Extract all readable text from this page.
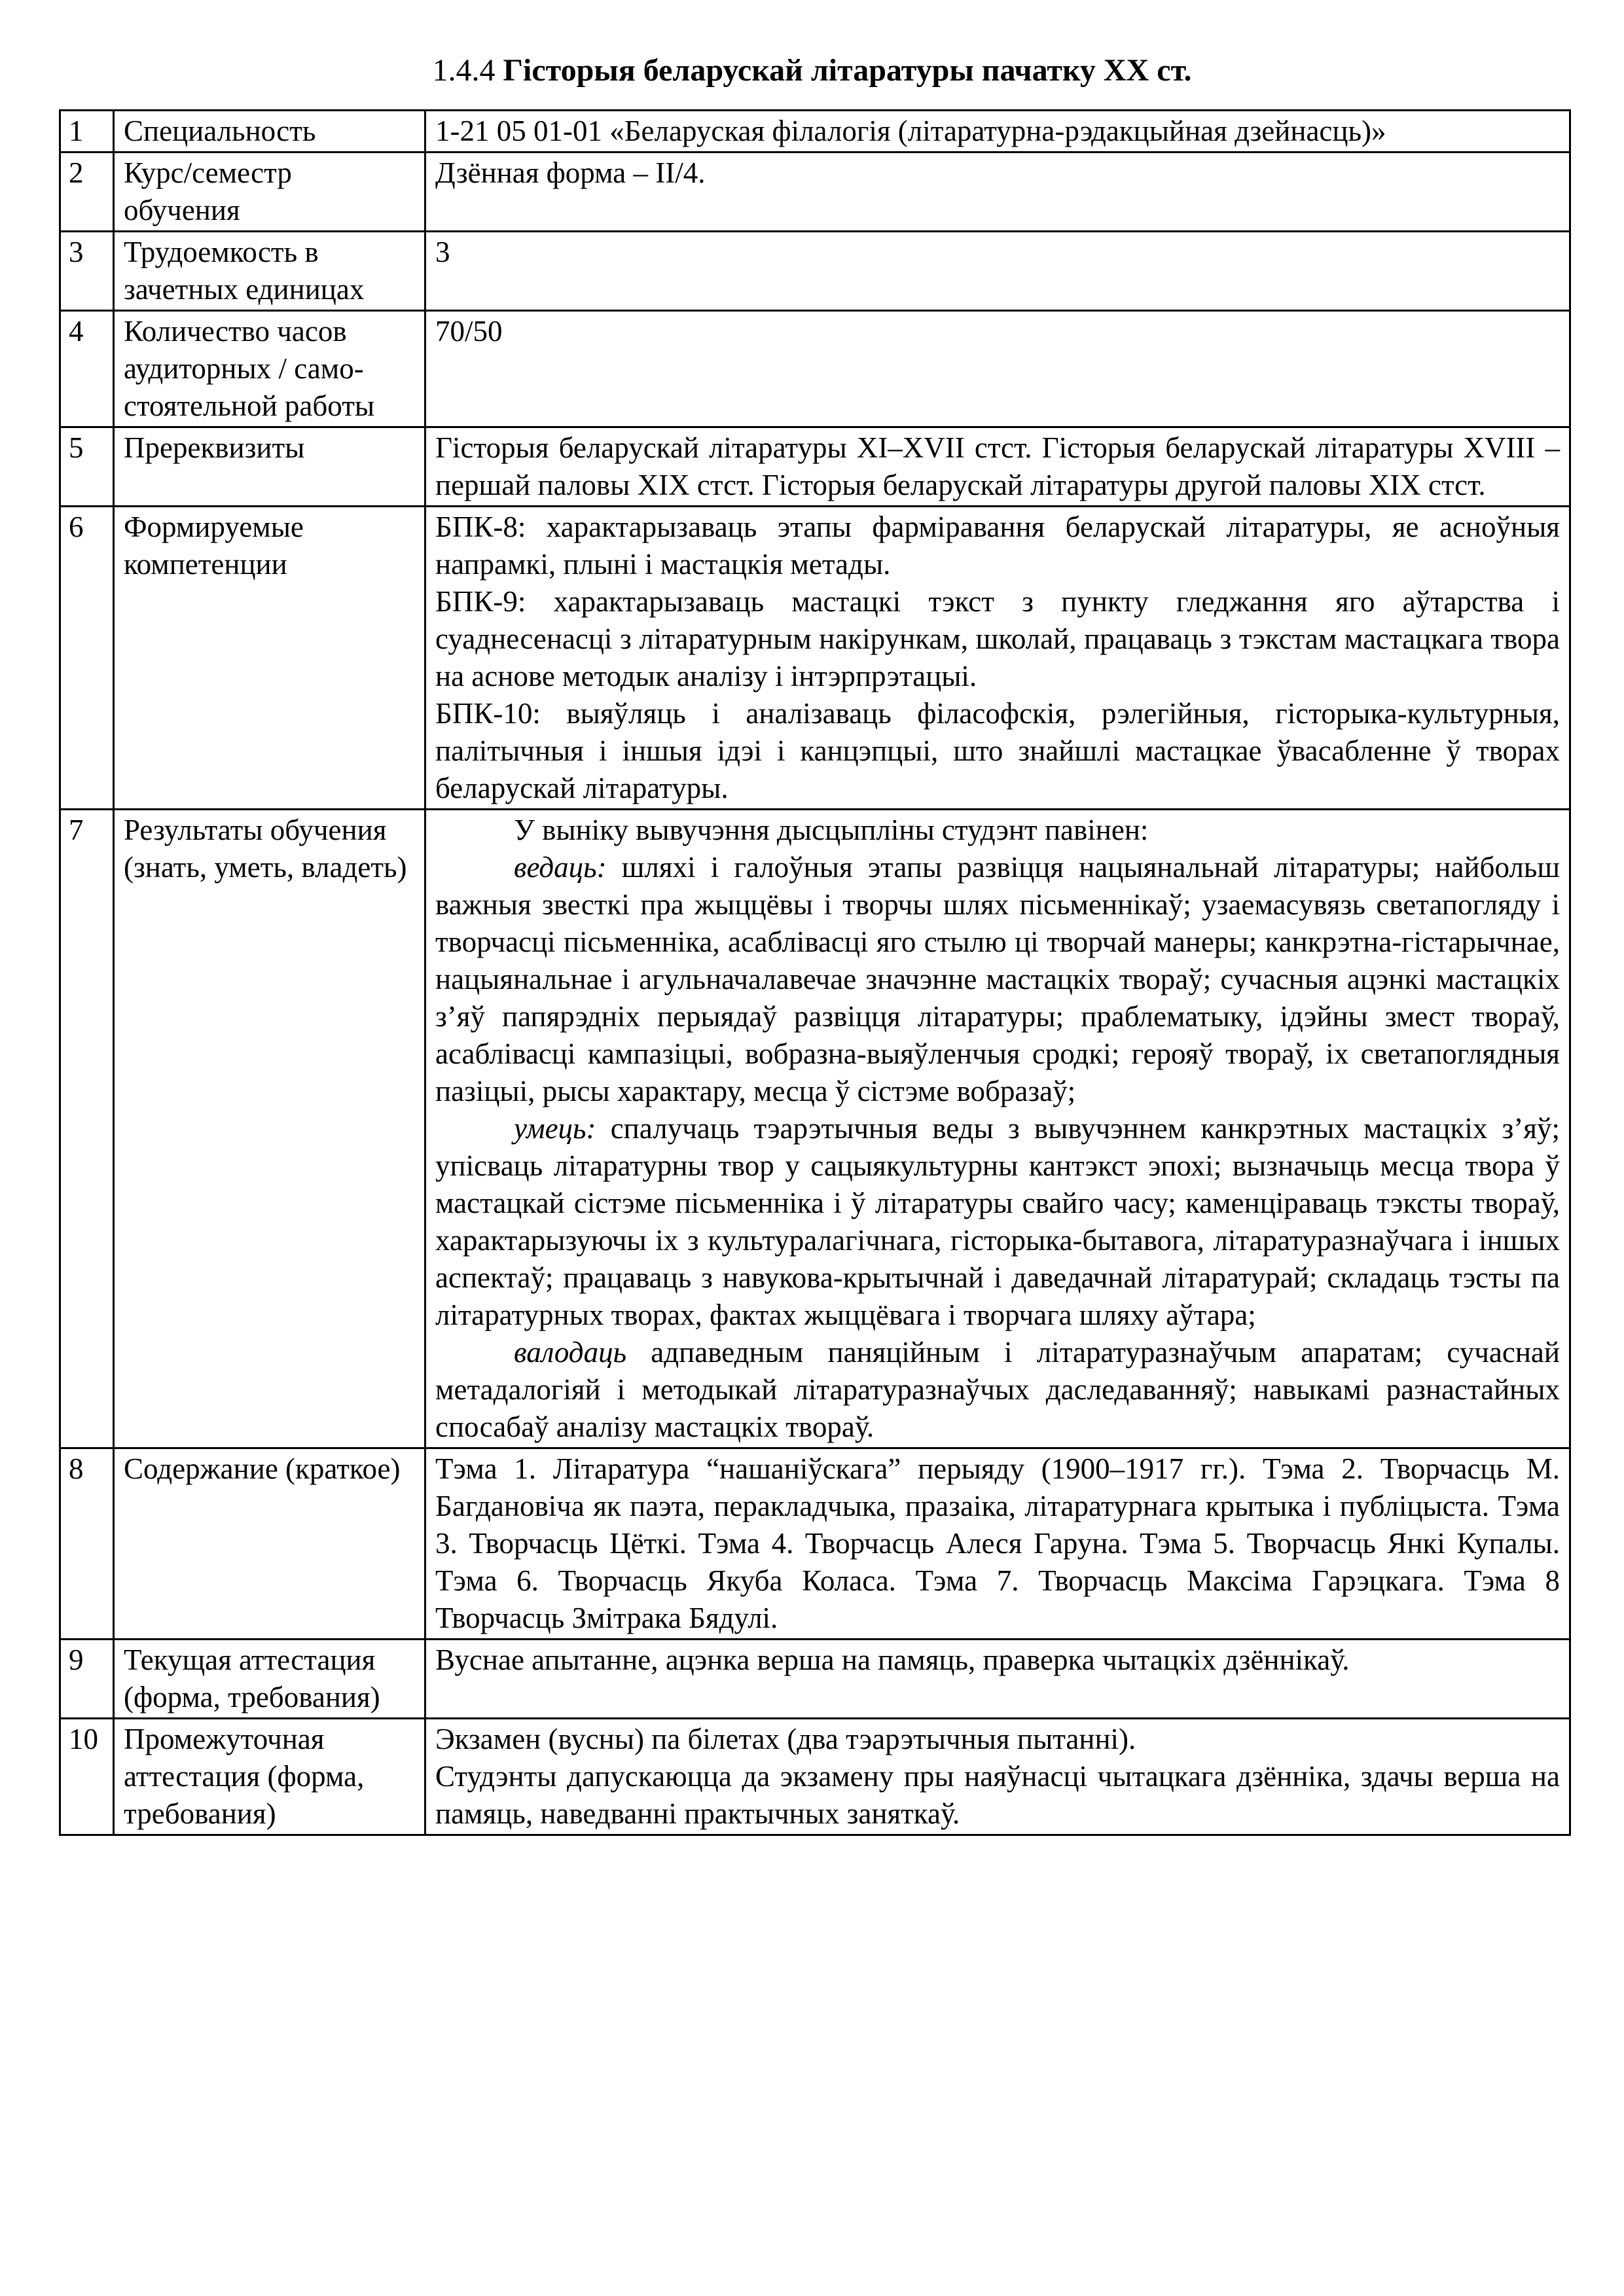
1.4.4 Гісторыя беларускай літаратуры пачатку XX ст.
1	Специальность	1-21 05 01-01 «Беларуская філалогія (літаратурна-рэдакцыйная дзейнасць)»
2	Курс/семестр обучения	Дзённая форма – ІІ/4.
3	Трудоемкость в зачетных единицах	3
4	Количество часов аудиторных / само-стоятельной работы	70/50
5	Пререквизиты	Гісторыя беларускай літаратуры XI–XVII стст. Гісторыя беларускай літаратуры XVIII – першай паловы XIX стст. Гісторыя беларускай літаратуры другой паловы XIX стст.
6	Формируемые компетенции	БПК-8: характарызаваць этапы фарміравання беларускай літаратуры, яе асноўныя напрамкі, плыні і мастацкія метады.
БПК-9: характарызаваць мастацкі тэкст з пункту гледжання яго аўтарства і суаднесенасці з літаратурным накірункам, школай, працаваць з тэкстам мастацкага твора на аснове методык аналізу і інтэрпрэтацыі.
БПК-10: выяўляць і аналізаваць філасофскія, рэлегійныя, гісторыка-культурныя, палітычныя і іншыя ідэі і канцэпцыі, што знайшлі мастацкае ўвасабленне ў творах беларускай літаратуры.

7	Результаты обучения (знать, уметь, владеть)	У выніку вывучэння дысцыпліны студэнт павінен:
ведаць: шляхі і галоўныя этапы развіцця нацыянальнай літаратуры; найбольш важныя звесткі пра жыццёвы і творчы шлях пісьменнікаў; узаемасувязь светапогляду і творчасці пісьменніка, асаблівасці яго стылю ці творчай манеры; канкрэтна-гістарычнае, нацыянальнае і агульначалавечае значэнне мастацкіх твораў; сучасныя ацэнкі мастацкіх з’яў папярэдніх перыядаў развіцця літаратуры; праблематыку, ідэйны змест твораў, асаблівасці кампазіцыі, вобразна-выяўленчыя сродкі; герояў твораў, іх светапоглядныя пазіцыі, рысы характару, месца ў сістэме вобразаў;
умець: спалучаць тэарэтычныя веды з вывучэннем канкрэтных мастацкіх з’яў; упісваць літаратурны твор у сацыякультурны кантэкст эпохі; вызначыць месца твора ў мастацкай сістэме пісьменніка і ў літаратуры свайго часу; каменціраваць тэксты твораў, характарызуючы іх з культуралагічнага, гісторыка-бытавога, літаратуразнаўчага і іншых аспектаў; працаваць з навукова-крытычнай і даведачнай літаратурай; складаць тэсты па літаратурных творах, фактах жыццёвага і творчага шляху аўтара;
валодаць адпаведным паняційным і літаратуразнаўчым апаратам; сучаснай метадалогіяй і методыкай літаратуразнаўчых даследаванняў; навыкамі разнастайных спосабаў аналізу мастацкіх твораў.

8	Содержание (краткое)	Тэма 1. Літаратура “нашаніўскага” перыяду (1900–1917 гг.). Тэма 2. Творчасць М. Багдановіча як паэта, перакладчыка, празаіка, літаратурнага крытыка і публіцыста. Тэма 3. Творчасць Цёткі. Тэма 4. Творчасць Алеся Гаруна. Тэма 5. Творчасць Янкі Купалы. Тэма 6. Творчасць Якуба Коласа. Тэма 7. Творчасць Максіма Гарэцкага. Тэма 8 Творчасць Змітрака Бядулі.
9	Текущая аттестация (форма, требования)	Вуснае апытанне, ацэнка верша на памяць, праверка чытацкіх дзённікаў.
10	Промежуточная аттестация (форма, требования)	Экзамен (вусны) па білетах (два тэарэтычныя пытанні).
Студэнты дапускаюцца да экзамену пры наяўнасці чытацкага дзённіка, здачы верша на памяць, наведванні практычных заняткаў.
